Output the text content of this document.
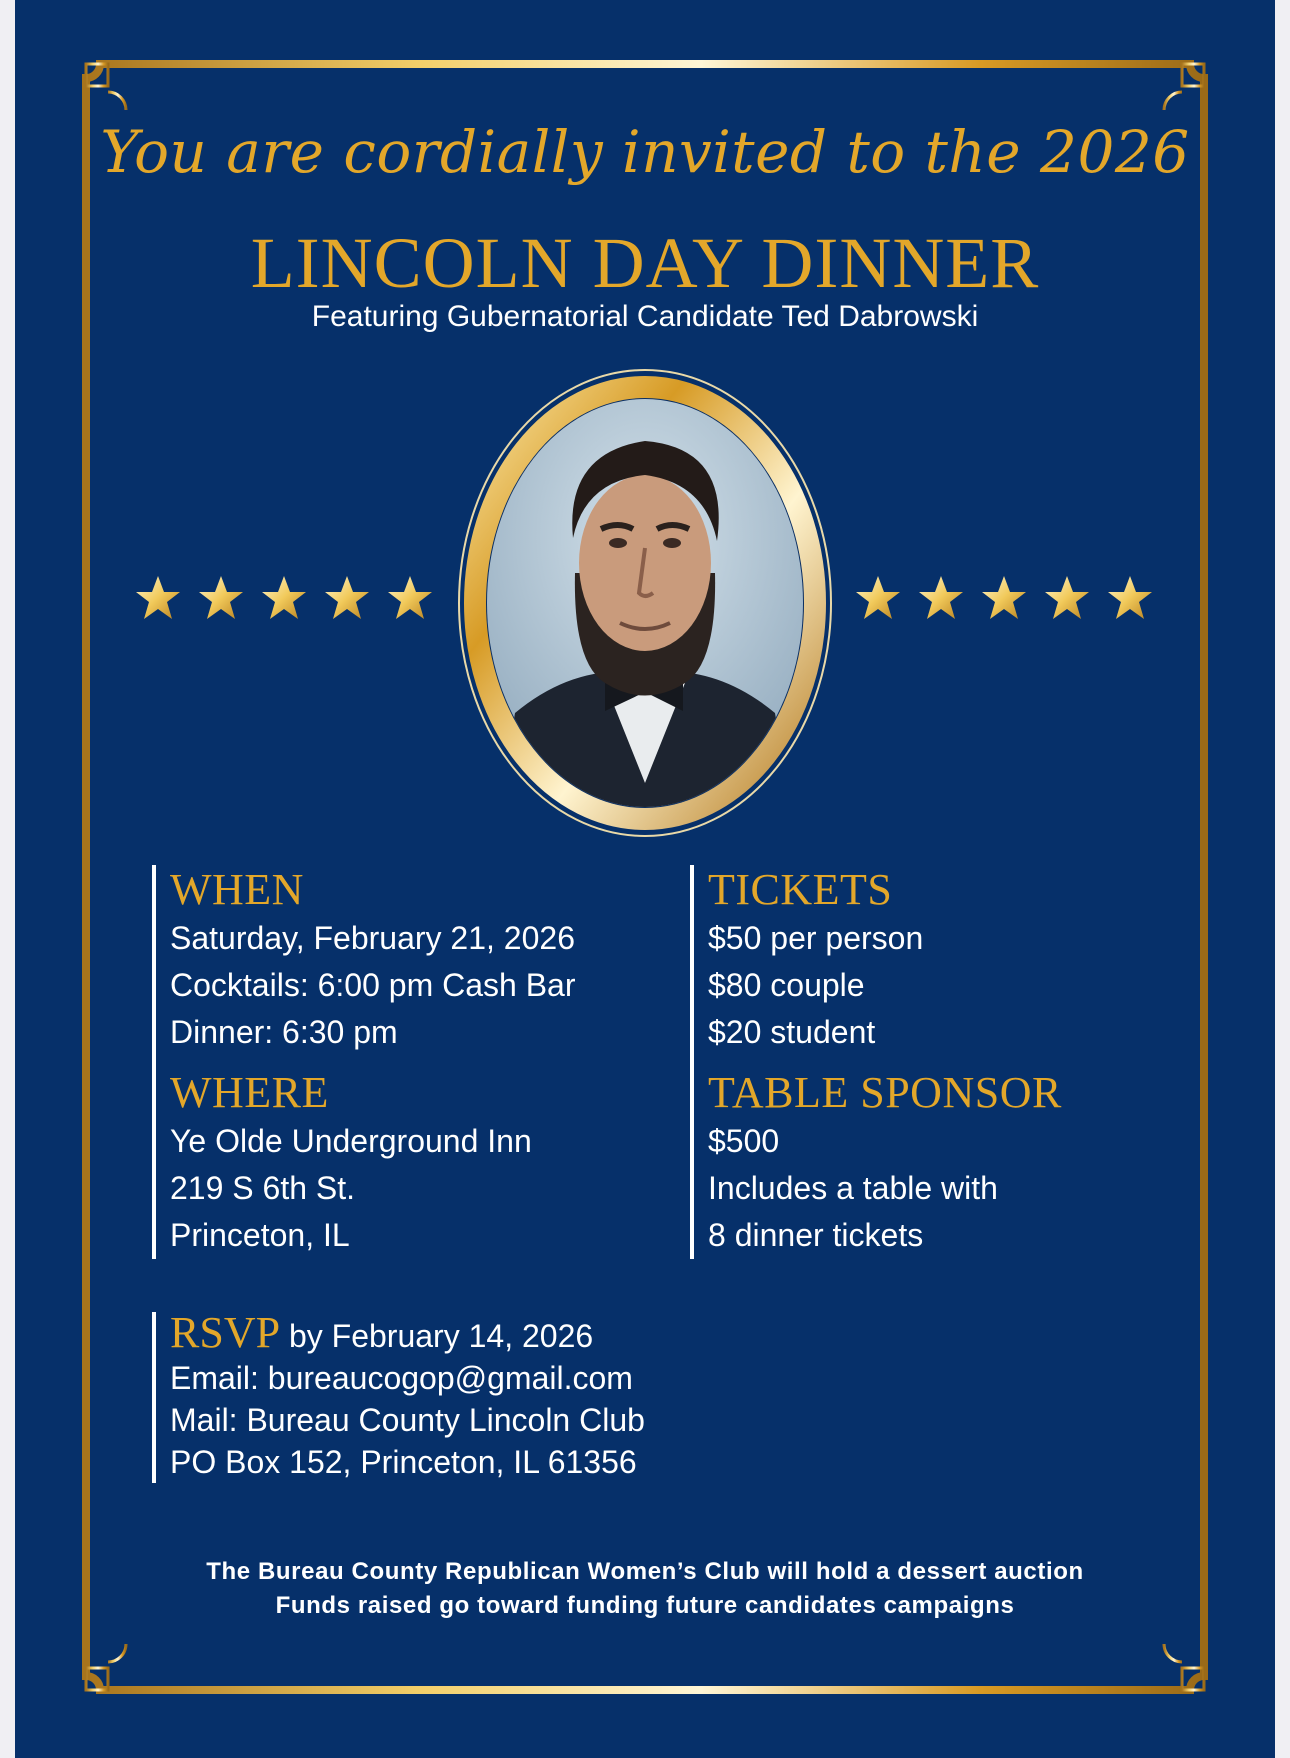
You are cordially invited to the 2026
LINCOLN DAY DINNER
Featuring Gubernatorial Candidate Ted Dabrowski
WHEN
Saturday, February 21, 2026
Cocktails: 6:00 pm Cash Bar
Dinner: 6:30 pm
WHERE
Ye Olde Underground Inn
219 S 6th St.
Princeton, IL
TICKETS
$50 per person
$80 couple
$20 student
TABLE SPONSOR
$500
Includes a table with
8 dinner tickets
RSVP by February 14, 2026
Email: bureaucogop@gmail.com
Mail: Bureau County Lincoln Club
PO Box 152, Princeton, IL 61356
The Bureau County Republican Women’s Club will hold a dessert auction
Funds raised go toward funding future candidates campaigns
